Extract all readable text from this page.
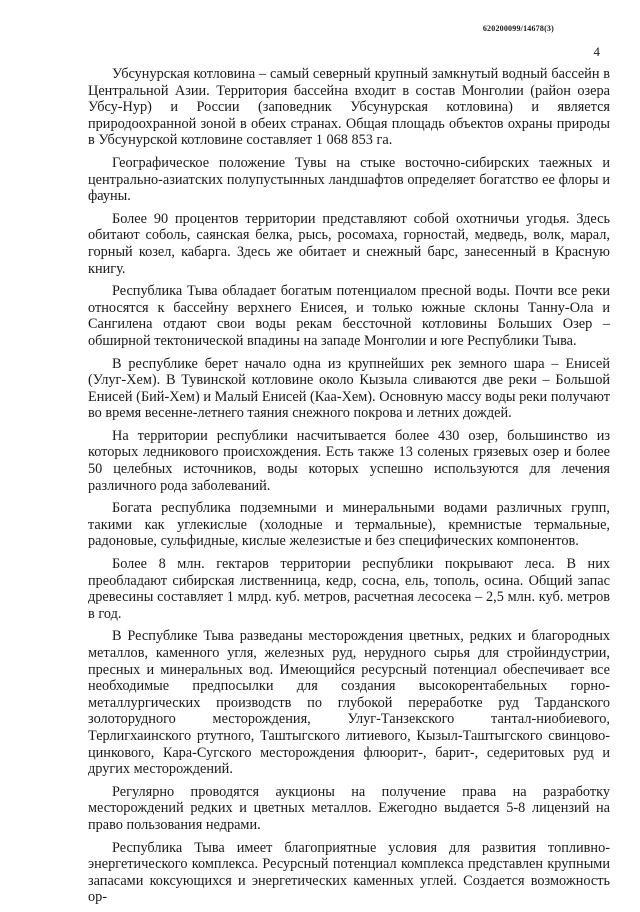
620200099/14678(3)
4

Убсунурская котловина – самый северный крупный замкнутый водный бассейн в Центральной Азии. Территория бассейна входит в состав Монголии (район озера Убсу-Нур) и России (заповедник Убсунурская котловина) и является природоохранной зоной в обеих странах. Общая площадь объектов охраны природы в Убсунурской котловине составляет 1 068 853 га.

Географическое положение Тувы на стыке восточно-сибирских таежных и центрально-азиатских полупустынных ландшафтов определяет богатство ее флоры и фауны.

Более 90 процентов территории представляют собой охотничьи угодья. Здесь обитают соболь, саянская белка, рысь, росомаха, горностай, медведь, волк, марал, горный козел, кабарга. Здесь же обитает и снежный барс, занесенный в Красную книгу.

Республика Тыва обладает богатым потенциалом пресной воды. Почти все реки относятся к бассейну верхнего Енисея, и только южные склоны Танну-Ола и Сангилена отдают свои воды рекам бессточной котловины Больших Озер – обширной тектонической впадины на западе Монголии и юге Республики Тыва.

В республике берет начало одна из крупнейших рек земного шара – Енисей (Улуг-Хем). В Тувинской котловине около Кызыла сливаются две реки – Большой Енисей (Бий-Хем) и Малый Енисей (Каа-Хем). Основную массу воды реки получают во время весенне-летнего таяния снежного покрова и летних дождей.

На территории республики насчитывается более 430 озер, большинство из которых ледникового происхождения. Есть также 13 соленых грязевых озер и более 50 целебных источников, воды которых успешно используются для лечения различного рода заболеваний.

Богата республика подземными и минеральными водами различных групп, такими как углекислые (холодные и термальные), кремнистые термальные, радоновые, сульфидные, кислые железистые и без специфических компонентов.

Более 8 млн. гектаров территории республики покрывают леса. В них преобладают сибирская лиственница, кедр, сосна, ель, тополь, осина. Общий запас древесины составляет 1 млрд. куб. метров, расчетная лесосека – 2,5 млн. куб. метров в год.

В Республике Тыва разведаны месторождения цветных, редких и благородных металлов, каменного угля, железных руд, нерудного сырья для стройиндустрии, пресных и минеральных вод. Имеющийся ресурсный потенциал обеспечивает все необходимые предпосылки для создания высокорентабельных горно-металлургических производств по глубокой переработке руд Тарданского золоторудного месторождения, Улуг-Танзекского тантал-ниобиевого, Терлигхаинского ртутного, Таштыгского литиевого, Кызыл-Таштыгского свинцово-цинкового, Кара-Сугского месторождения флюорит-, барит-, седеритовых руд и других месторождений.

Регулярно проводятся аукционы на получение права на разработку месторождений редких и цветных металлов. Ежегодно выдается 5-8 лицензий на право пользования недрами.

Республика Тыва имеет благоприятные условия для развития топливно-энергетического комплекса. Ресурсный потенциал комплекса представлен крупными запасами коксующихся и энергетических каменных углей. Создается возможность ор-
